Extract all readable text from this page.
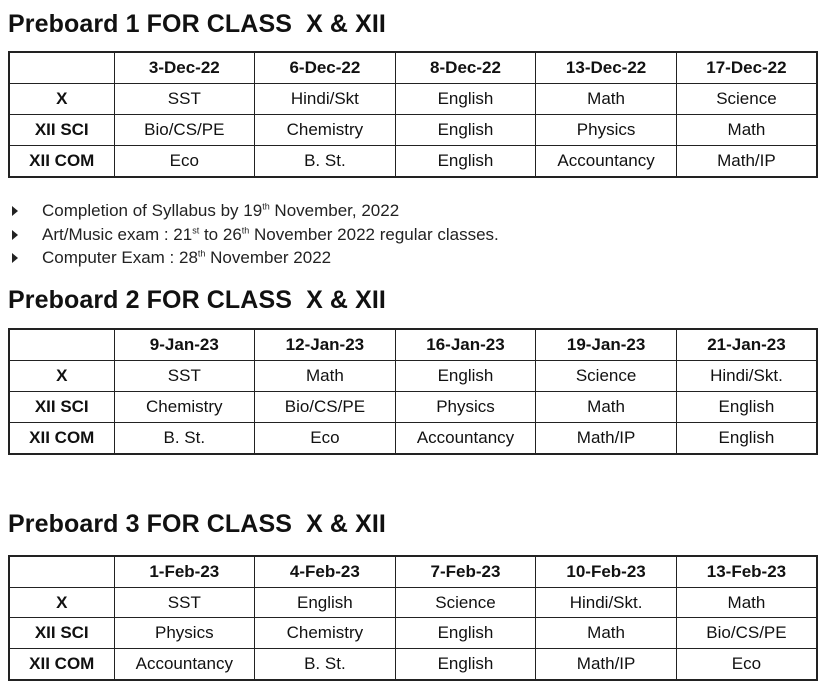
Preboard 1 FOR CLASS  X & XII
	3-Dec-22	6-Dec-22	8-Dec-22	13-Dec-22	17-Dec-22
X	SST	Hindi/Skt	English	Math	Science
XII SCI	Bio/CS/PE	Chemistry	English	Physics	Math
XII COM	Eco	B. St.	English	Accountancy	Math/IP
Completion of Syllabus by 19th November, 2022
Art/Music exam : 21st to 26th November 2022 regular classes.
Computer Exam : 28th November 2022
Preboard 2 FOR CLASS  X & XII
	9-Jan-23	12-Jan-23	16-Jan-23	19-Jan-23	21-Jan-23
X	SST	Math	English	Science	Hindi/Skt.
XII SCI	Chemistry	Bio/CS/PE	Physics	Math	English
XII COM	B. St.	Eco	Accountancy	Math/IP	English
Preboard 3 FOR CLASS  X & XII
	1-Feb-23	4-Feb-23	7-Feb-23	10-Feb-23	13-Feb-23
X	SST	English	Science	Hindi/Skt.	Math
XII SCI	Physics	Chemistry	English	Math	Bio/CS/PE
XII COM	Accountancy	B. St.	English	Math/IP	Eco
